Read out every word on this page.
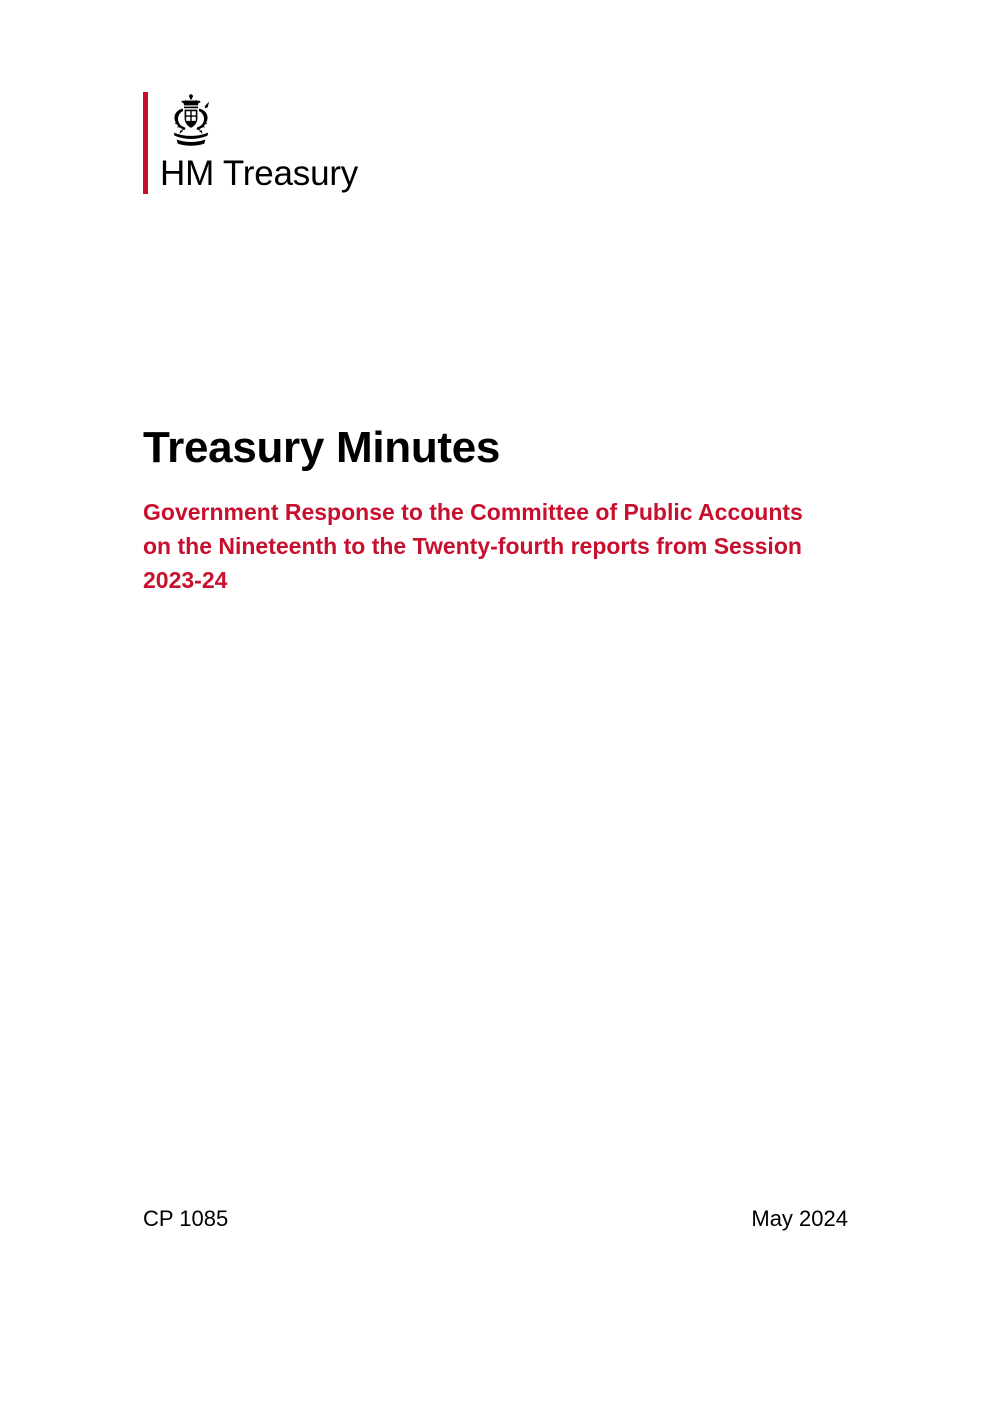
HM Treasury
Treasury Minutes
Government Response to the Committee of Public Accounts on the Nineteenth to the Twenty-fourth reports from Session 2023-24
CP 1085	May 2024
